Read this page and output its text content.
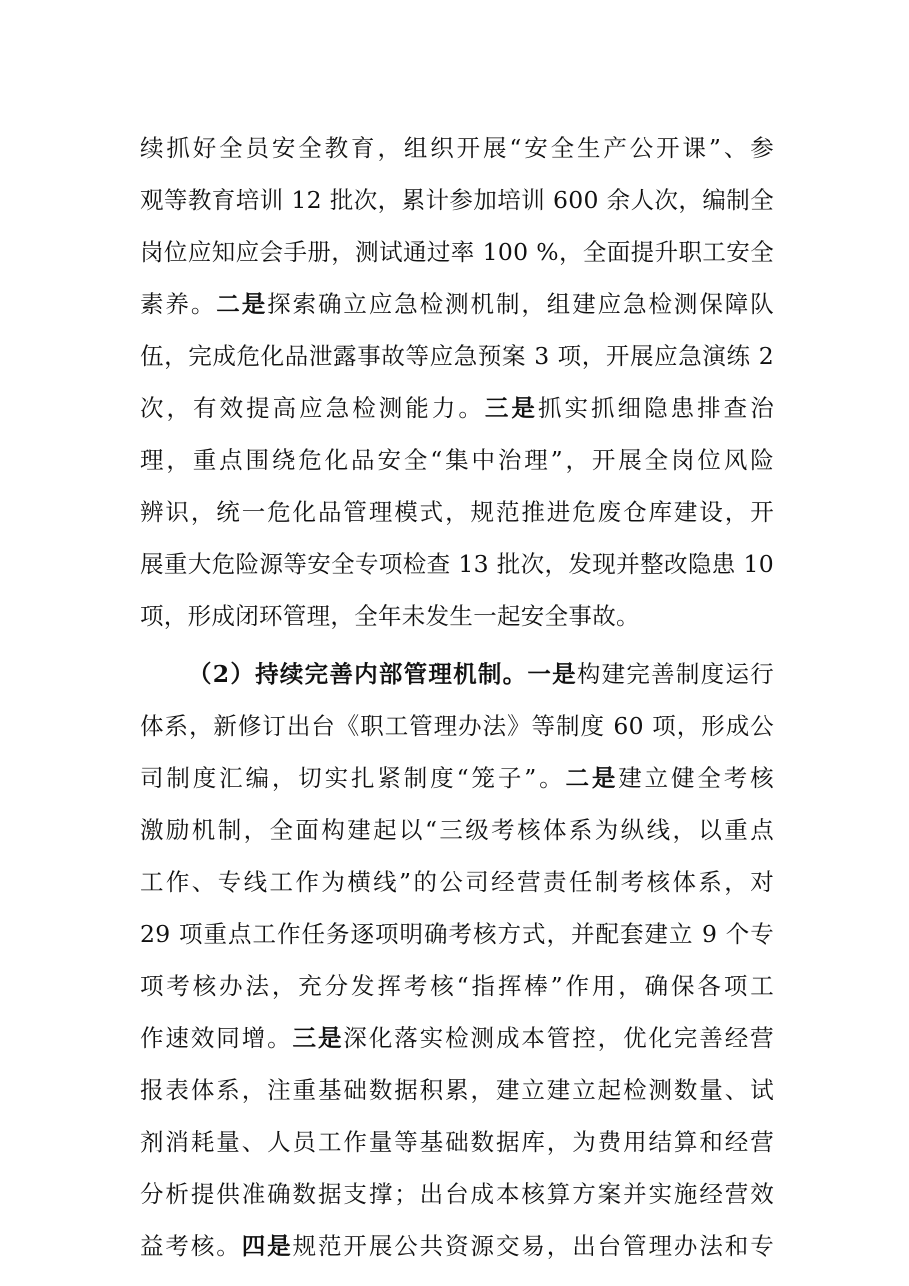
续抓好全员安全教育，组织开展“安全生产公开课”、参
观等教育培训 12 批次，累计参加培训 600 余人次，编制全
岗位应知应会手册，测试通过率 100 %，全面提升职工安全
素养。二是探索确立应急检测机制，组建应急检测保障队
伍，完成危化品泄露事故等应急预案 3 项，开展应急演练 2
次，有效提高应急检测能力。三是抓实抓细隐患排查治
理，重点围绕危化品安全“集中治理”，开展全岗位风险
辨识，统一危化品管理模式，规范推进危废仓库建设，开
展重大危险源等安全专项检查 13 批次，发现并整改隐患 10
项，形成闭环管理，全年未发生一起安全事故。
（2）持续完善内部管理机制。一是构建完善制度运行
体系，新修订出台《职工管理办法》等制度 60 项，形成公
司制度汇编，切实扎紧制度“笼子”。二是建立健全考核
激励机制，全面构建起以“三级考核体系为纵线，以重点
工作、专线工作为横线”的公司经营责任制考核体系，对
29 项重点工作任务逐项明确考核方式，并配套建立 9 个专
项考核办法，充分发挥考核“指挥棒”作用，确保各项工
作速效同增。三是深化落实检测成本管控，优化完善经营
报表体系，注重基础数据积累，建立建立起检测数量、试
剂消耗量、人员工作量等基础数据库，为费用结算和经营
分析提供准确数据支撑；出台成本核算方案并实施经营效
益考核。四是规范开展公共资源交易，出台管理办法和专
